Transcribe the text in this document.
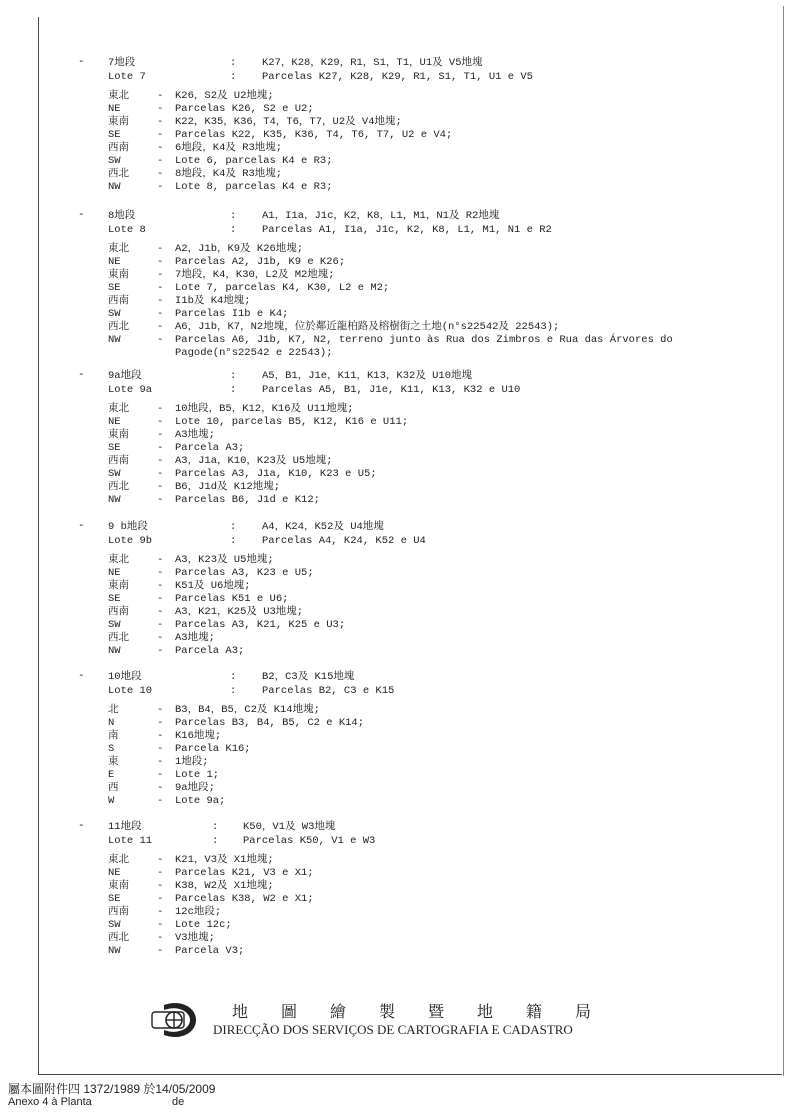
- 7地段	: K27，K28，K29，R1，S1，T1，U1及 V5地塊
Lote 7	: Parcelas K27, K28, K29, R1, S1, T1, U1 e V5
東北	- K26，S2及 U2地塊;
NE	- Parcelas K26, S2 e U2;
東南	- K22，K35，K36，T4，T6，T7，U2及 V4地塊;
SE	- Parcelas K22, K35, K36, T4, T6, T7, U2 e V4;
西南	- 6地段，K4及 R3地塊;
SW	- Lote 6, parcelas K4 e R3;
西北	- 8地段，K4及 R3地塊;
NW	- Lote 8, parcelas K4 e R3;
- 8地段	: A1，I1a，J1c，K2，K8，L1，M1，N1及 R2地塊
Lote 8	: Parcelas A1, I1a, J1c, K2, K8, L1, M1, N1 e R2
東北	- A2，J1b，K9及 K26地塊;
NE	- Parcelas A2, J1b, K9 e K26;
東南	- 7地段，K4，K30，L2及 M2地塊;
SE	- Lote 7, parcelas K4, K30, L2 e M2;
西南	- I1b及 K4地塊;
SW	- Parcelas I1b e K4;
西北	- A6，J1b，K7，N2地塊，位於鄰近龍柏路及榕樹街之土地(n°s22542及 22543);
NW	- Parcelas A6, J1b, K7, N2, terreno junto às Rua dos Zimbros e Rua das Árvores do
Pagode(n°s22542 e 22543);
- 9a地段	: A5，B1，J1e，K11，K13，K32及 U10地塊
Lote 9a	: Parcelas A5, B1, J1e, K11, K13, K32 e U10
東北	- 10地段，B5，K12，K16及 U11地塊;
NE	- Lote 10, parcelas B5, K12, K16 e U11;
東南	- A3地塊;
SE	- Parcela A3;
西南	- A3，J1a，K10，K23及 U5地塊;
SW	- Parcelas A3, J1a, K10, K23 e U5;
西北	- B6，J1d及 K12地塊;
NW	- Parcelas B6, J1d e K12;
- 9 b地段	: A4，K24，K52及 U4地塊
Lote 9b	: Parcelas A4, K24, K52 e U4
東北	- A3，K23及 U5地塊;
NE	- Parcelas A3, K23 e U5;
東南	- K51及 U6地塊;
SE	- Parcelas K51 e U6;
西南	- A3，K21，K25及 U3地塊;
SW	- Parcelas A3, K21, K25 e U3;
西北	- A3地塊;
NW	- Parcela A3;
- 10地段	: B2，C3及 K15地塊
Lote 10	: Parcelas B2, C3 e K15
北	- B3，B4，B5，C2及 K14地塊;
N	- Parcelas B3, B4, B5, C2 e K14;
南	- K16地塊;
S	- Parcela K16;
東	- 1地段;
E	- Lote 1;
西	- 9a地段;
W	- Lote 9a;
- 11地段	: K50，V1及 W3地塊
Lote 11	: Parcelas K50, V1 e W3
東北	- K21，V3及 X1地塊;
NE	- Parcelas K21, V3 e X1;
東南	- K38，W2及 X1地塊;
SE	- Parcelas K38, W2 e X1;
西南	- 12c地段;
SW	- Lote 12c;
西北	- V3地塊;
NW	- Parcela V3;
地圖繪製暨地籍局
DIRECÇÃO DOS SERVIÇOS DE CARTOGRAFIA E CADASTRO
屬本圖附件四 1372/1989 於14/05/2009
Anexo 4 à Planta	de
